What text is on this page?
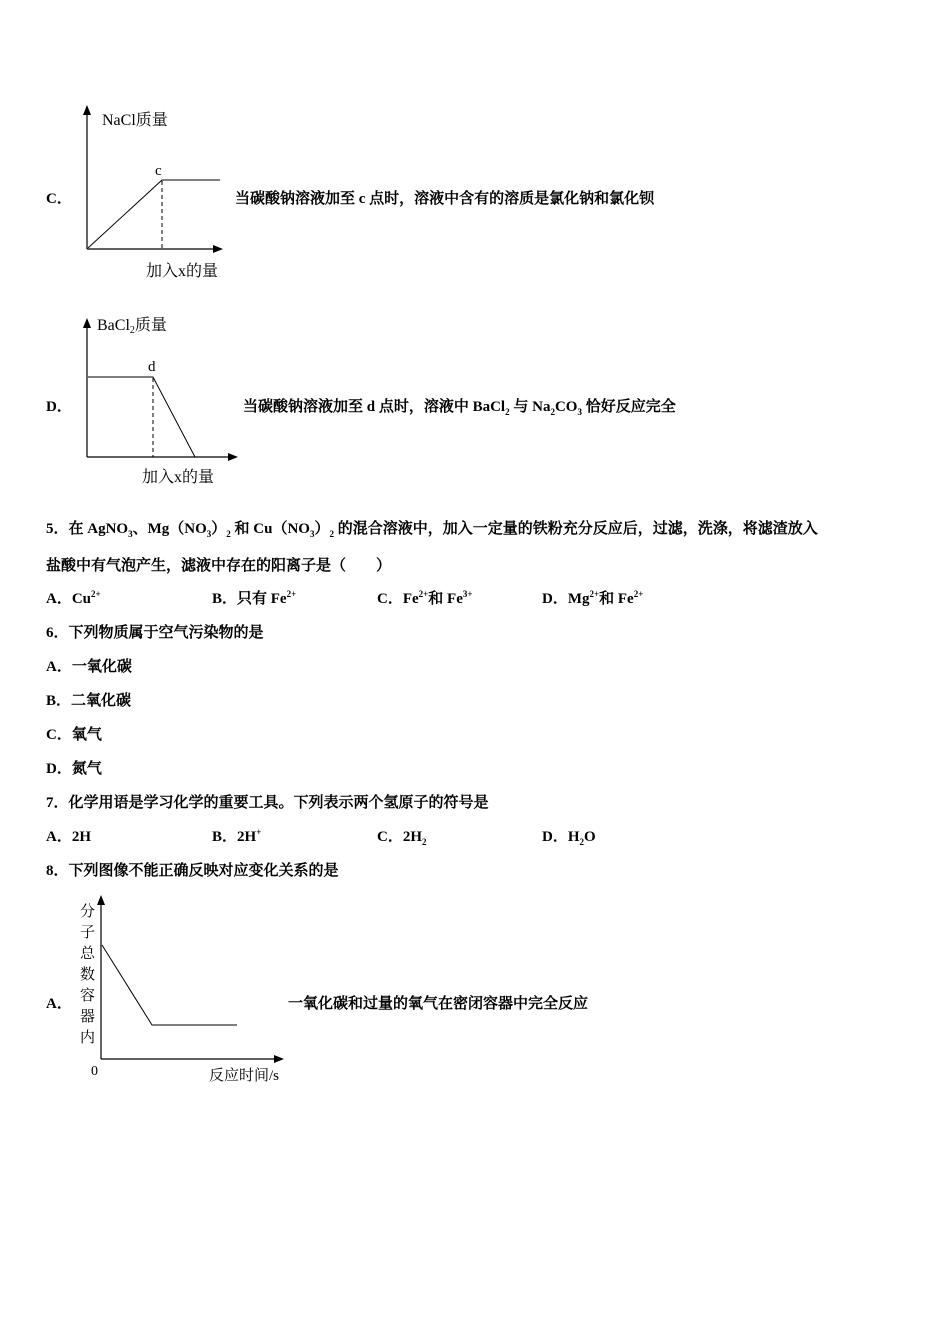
NaCl质量
c
加入x的量
C．	当碳酸钠溶液加至 c 点时，溶液中含有的溶质是氯化钠和氯化钡
BaCl2质量
d
加入x的量
D．	当碳酸钠溶液加至 d 点时，溶液中 BaCl$_2$ 与 $Na_2CO_3$ 恰好反应完全
5．在 AgNO$_3$、$Mg(NO_3)_2$ 和 $Cu(NO_3)_2$ 的混合溶液中，加入一定量的铁粉充分反应后，过滤，洗涤，将滤渣放入
盐酸中有气泡产生，滤液中存在的阳离子是（　　）
A．$Cu^{2+}$	B．只有 $Fe^{2+}$	C．$Fe^{2+}$和 $Fe^{3+}$	D．$Mg^{2+}$和 $Fe^{2+}$
6．下列物质属于空气污染物的是
A．一氧化碳
B．二氧化碳
C．氧气
D．氮气
7．化学用语是学习化学的重要工具。下列表示两个氢原子的符号是
A．2H	B．2H+	C．$2H_2$	D．$H_2O$
8．下列图像不能正确反映对应变化关系的是
分
子
总
数
容
器
内
0	反应时间/s
A．	一氧化碳和过量的氧气在密闭容器中完全反应
